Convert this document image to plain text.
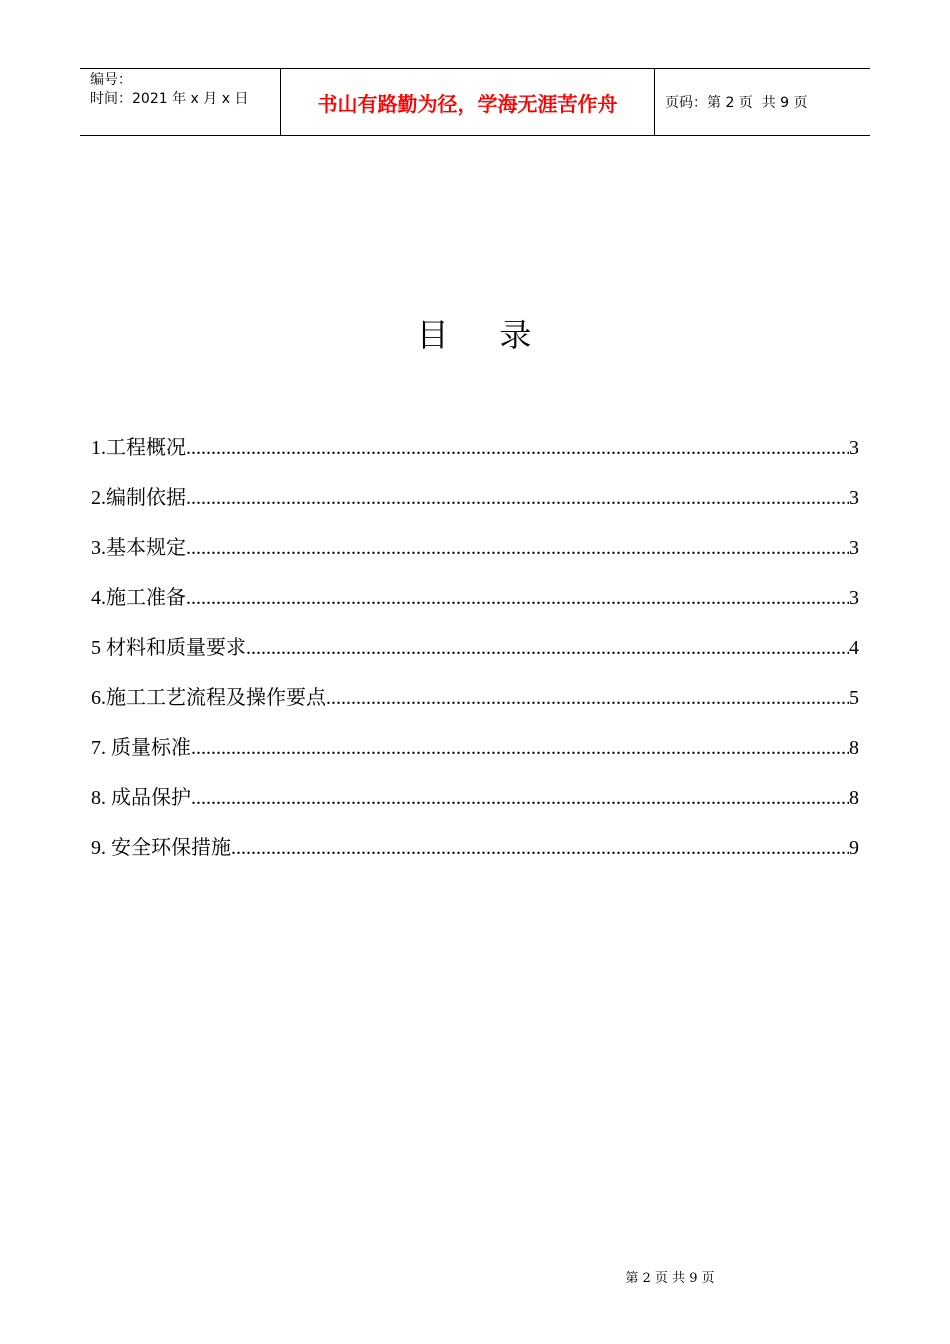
编号：
时间：2021 年 x 月 x 日	书山有路勤为径，学海无涯苦作舟	页码：第 2 页  共 9 页
目    录
1.工程概况 .....	3
2.编制依据 .....	3
3.基本规定 .....	3
4.施工准备 .....	3
5 材料和质量要求 .....	4
6.施工工艺流程及操作要点 .....	5
7. 质量标准 .....	8
8. 成品保护 .....	8
9. 安全环保措施 .....	9
第 2 页 共 9 页
